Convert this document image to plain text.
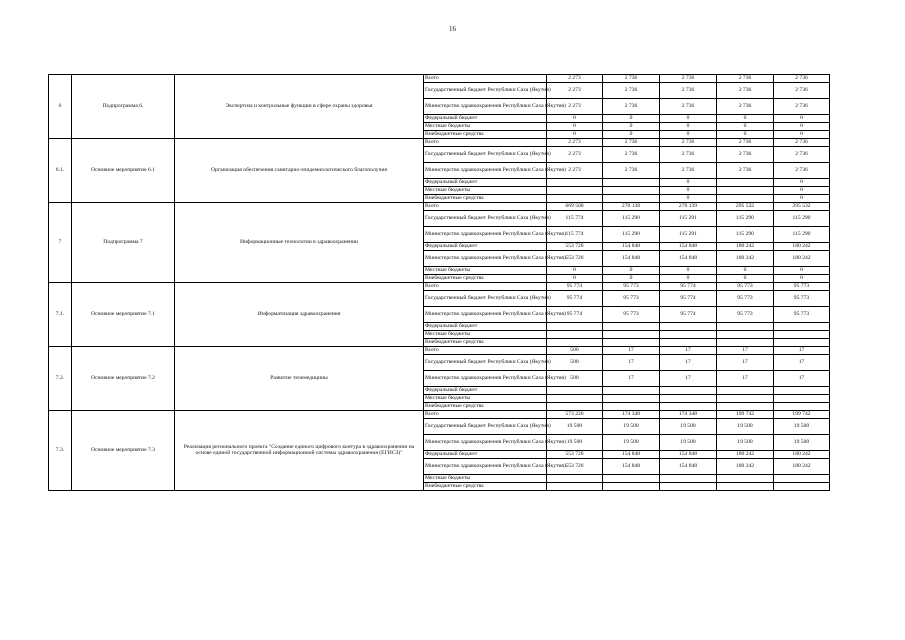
16
6	Подпрограмма 6.	Экспертиза и контрольные функции в сфере охраны здоровья	Всего	2 273	2 736	2 736	2 736	2 736
			Государственный бюджет Республики Саха (Якутия)	2 273	2 736	2 736	2 736	2 736
			Министерство здравоохранения Республики Саха (Якутия)	2 273	2 736	2 736	2 736	2 736
			Федеральный бюджет	0	0	0	0	0
			Местные бюджеты	0	0	0	0	0
			Внебюджетные средства	0	0	0	0	0
6.1.	Основное мероприятие 6.1	Организация обеспечения санитарно-эпидемиологического благополучия	Всего	2 273	2 736	2 736	2 736	2 736
			Государственный бюджет Республики Саха (Якутия)	2 273	2 736	2 736	2 736	2 736
			Министерство здравоохранения Республики Саха (Якутия)	2 273	2 736	2 736	2 736	2 736
			Федеральный бюджет			0		0
			Местные бюджеты			0		0
			Внебюджетные средства			0		0
7	Подпрограмма 7	Информационные технологии в здравоохранении	Всего	669 500	270 138	270 139	295 532	295 532
			Государственный бюджет Республики Саха (Якутия)	115 774	115 290	115 291	115 290	115 290
			Министерство здравоохранения Республики Саха (Якутия)	115 774	115 290	115 291	115 290	115 290
			Федеральный бюджет	553 726	154 848	154 848	180 242	180 242
			Министерство здравоохранения Республики Саха (Якутия)	553 726	154 848	154 848	180 242	180 242
			Местные бюджеты	0	0	0	0	0
			Внебюджетные средства	0	0	0	0	0
7.1.	Основное мероприятие 7.1	Информатизация здравоохранения	Всего	95 774	95 773	95 774	95 773	95 773
			Государственный бюджет Республики Саха (Якутия)	95 774	95 773	95 774	95 773	95 773
			Министерство здравоохранения Республики Саха (Якутия)	95 774	95 773	95 774	95 773	95 773
			Федеральный бюджет					
			Местные бюджеты					
			Внебюджетные средства					
7.2.	Основное мероприятие 7.2	Развитие телемедицины	Всего	500	17	17	17	17
			Государственный бюджет Республики Саха (Якутия)	500	17	17	17	17
			Министерство здравоохранения Республики Саха (Якутия)	500	17	17	17	17
			Федеральный бюджет					
			Местные бюджеты					
			Внебюджетные средства					
7.3.	Основное мероприятие 7.3	Реализация регионального проекта "Создание единого цифрового контура в здравоохранении на основе единой государственной информационной системы здравоохранения (ЕГИСЗ)"	Всего	573 226	174 348	174 348	199 742	199 742
			Государственный бюджет Республики Саха (Якутия)	19 500	19 500	19 500	19 500	19 500
			Министерство здравоохранения Республики Саха (Якутия)	19 500	19 500	19 500	19 500	19 500
			Федеральный бюджет	553 726	154 848	154 848	180 242	180 242
			Министерство здравоохранения Республики Саха (Якутия)	553 726	154 848	154 848	180 242	180 242
			Местные бюджеты					
			Внебюджетные средства					
